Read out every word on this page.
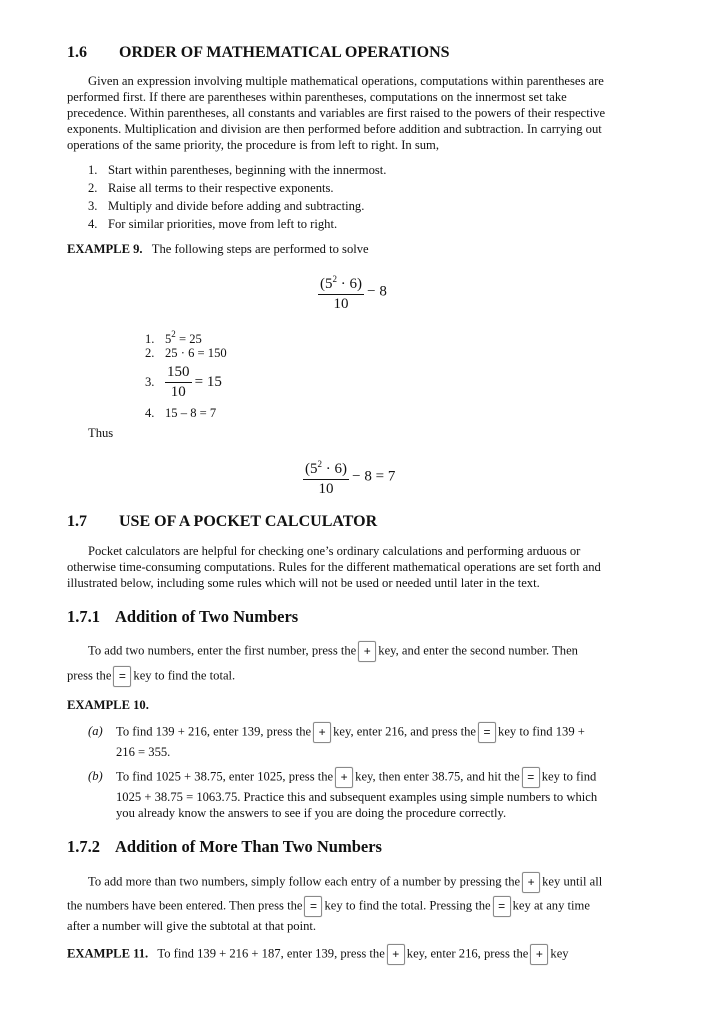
1.6 ORDER OF MATHEMATICAL OPERATIONS
Given an expression involving multiple mathematical operations, computations within parentheses are
performed first. If there are parentheses within parentheses, computations on the innermost set take
precedence. Within parentheses, all constants and variables are first raised to the powers of their respective
exponents. Multiplication and division are then performed before addition and subtraction. In carrying out
operations of the same priority, the procedure is from left to right. In sum,
1. Start within parentheses, beginning with the innermost.
2. Raise all terms to their respective exponents.
3. Multiply and divide before adding and subtracting.
4. For similar priorities, move from left to right.
EXAMPLE 9. The following steps are performed to solve
$\frac{(5^2 \cdot 6)}{10} - 8$
1. $5^2 = 25$
2. 25 · 6 = 150
3. $\frac{150}{10} = 15$
4. 15 – 8 = 7
Thus
$\frac{(5^2 \cdot 6)}{10} - 8 = 7$
1.7 USE OF A POCKET CALCULATOR
Pocket calculators are helpful for checking one’s ordinary calculations and performing arduous or
otherwise time-consuming computations. Rules for the different mathematical operations are set forth and
illustrated below, including some rules which will not be used or needed until later in the text.
1.7.1 Addition of Two Numbers
To add two numbers, enter the first number, press the + key, and enter the second number. Then
press the = key to find the total.
EXAMPLE 10.
(a) To find 139 + 216, enter 139, press the + key, enter 216, and press the = key to find 139 +
216 = 355.
(b) To find 1025 + 38.75, enter 1025, press the + key, then enter 38.75, and hit the = key to find
1025 + 38.75 = 1063.75. Practice this and subsequent examples using simple numbers to which
you already know the answers to see if you are doing the procedure correctly.
1.7.2 Addition of More Than Two Numbers
To add more than two numbers, simply follow each entry of a number by pressing the + key until all
the numbers have been entered. Then press the = key to find the total. Pressing the = key at any time
after a number will give the subtotal at that point.
EXAMPLE 11. To find 139 + 216 + 187, enter 139, press the + key, enter 216, press the + key
